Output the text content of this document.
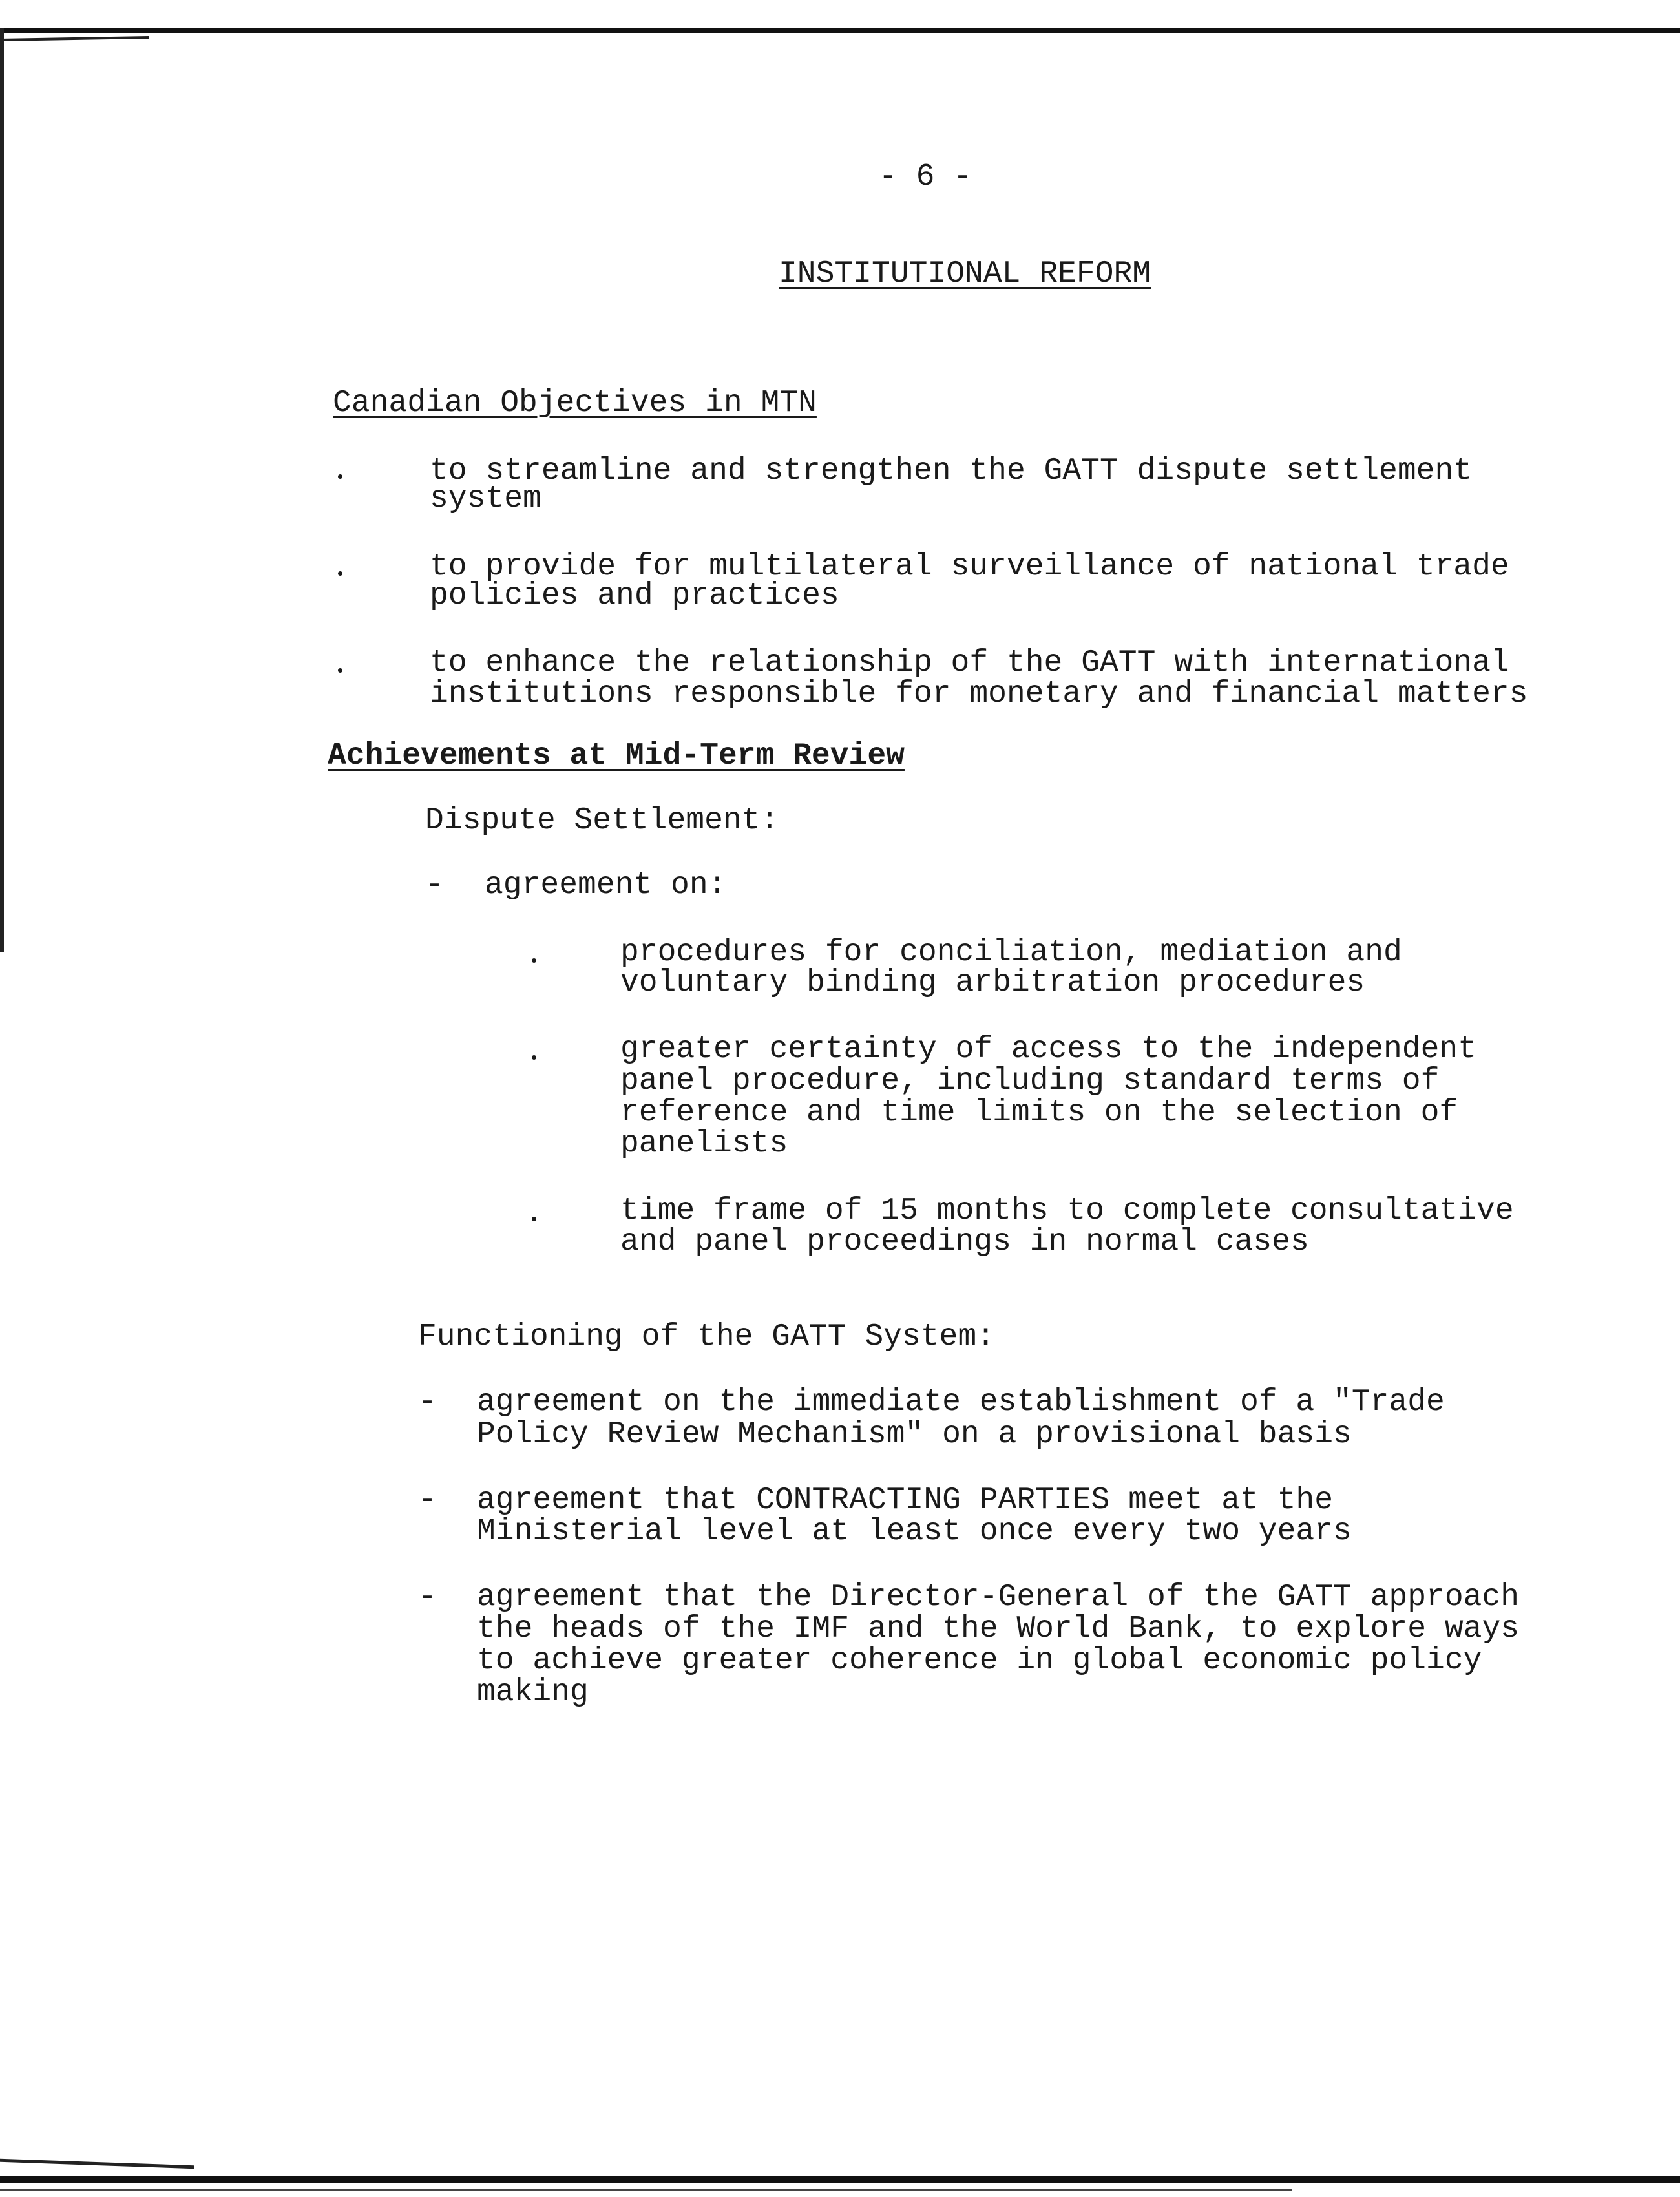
- 6 -
INSTITUTIONAL REFORM
Canadian Objectives in MTN
to streamline and strengthen the GATT dispute settlement
system
to provide for multilateral surveillance of national trade
policies and practices
to enhance the relationship of the GATT with international
institutions responsible for monetary and financial matters
Achievements at Mid-Term Review
Dispute Settlement:
- agreement on:
procedures for conciliation, mediation and
voluntary binding arbitration procedures
greater certainty of access to the independent
panel procedure, including standard terms of
reference and time limits on the selection of
panelists
time frame of 15 months to complete consultative
and panel proceedings in normal cases
Functioning of the GATT System:
- agreement on the immediate establishment of a "Trade
Policy Review Mechanism" on a provisional basis
- agreement that CONTRACTING PARTIES meet at the
Ministerial level at least once every two years
- agreement that the Director-General of the GATT approach
the heads of the IMF and the World Bank, to explore ways
to achieve greater coherence in global economic policy
making
